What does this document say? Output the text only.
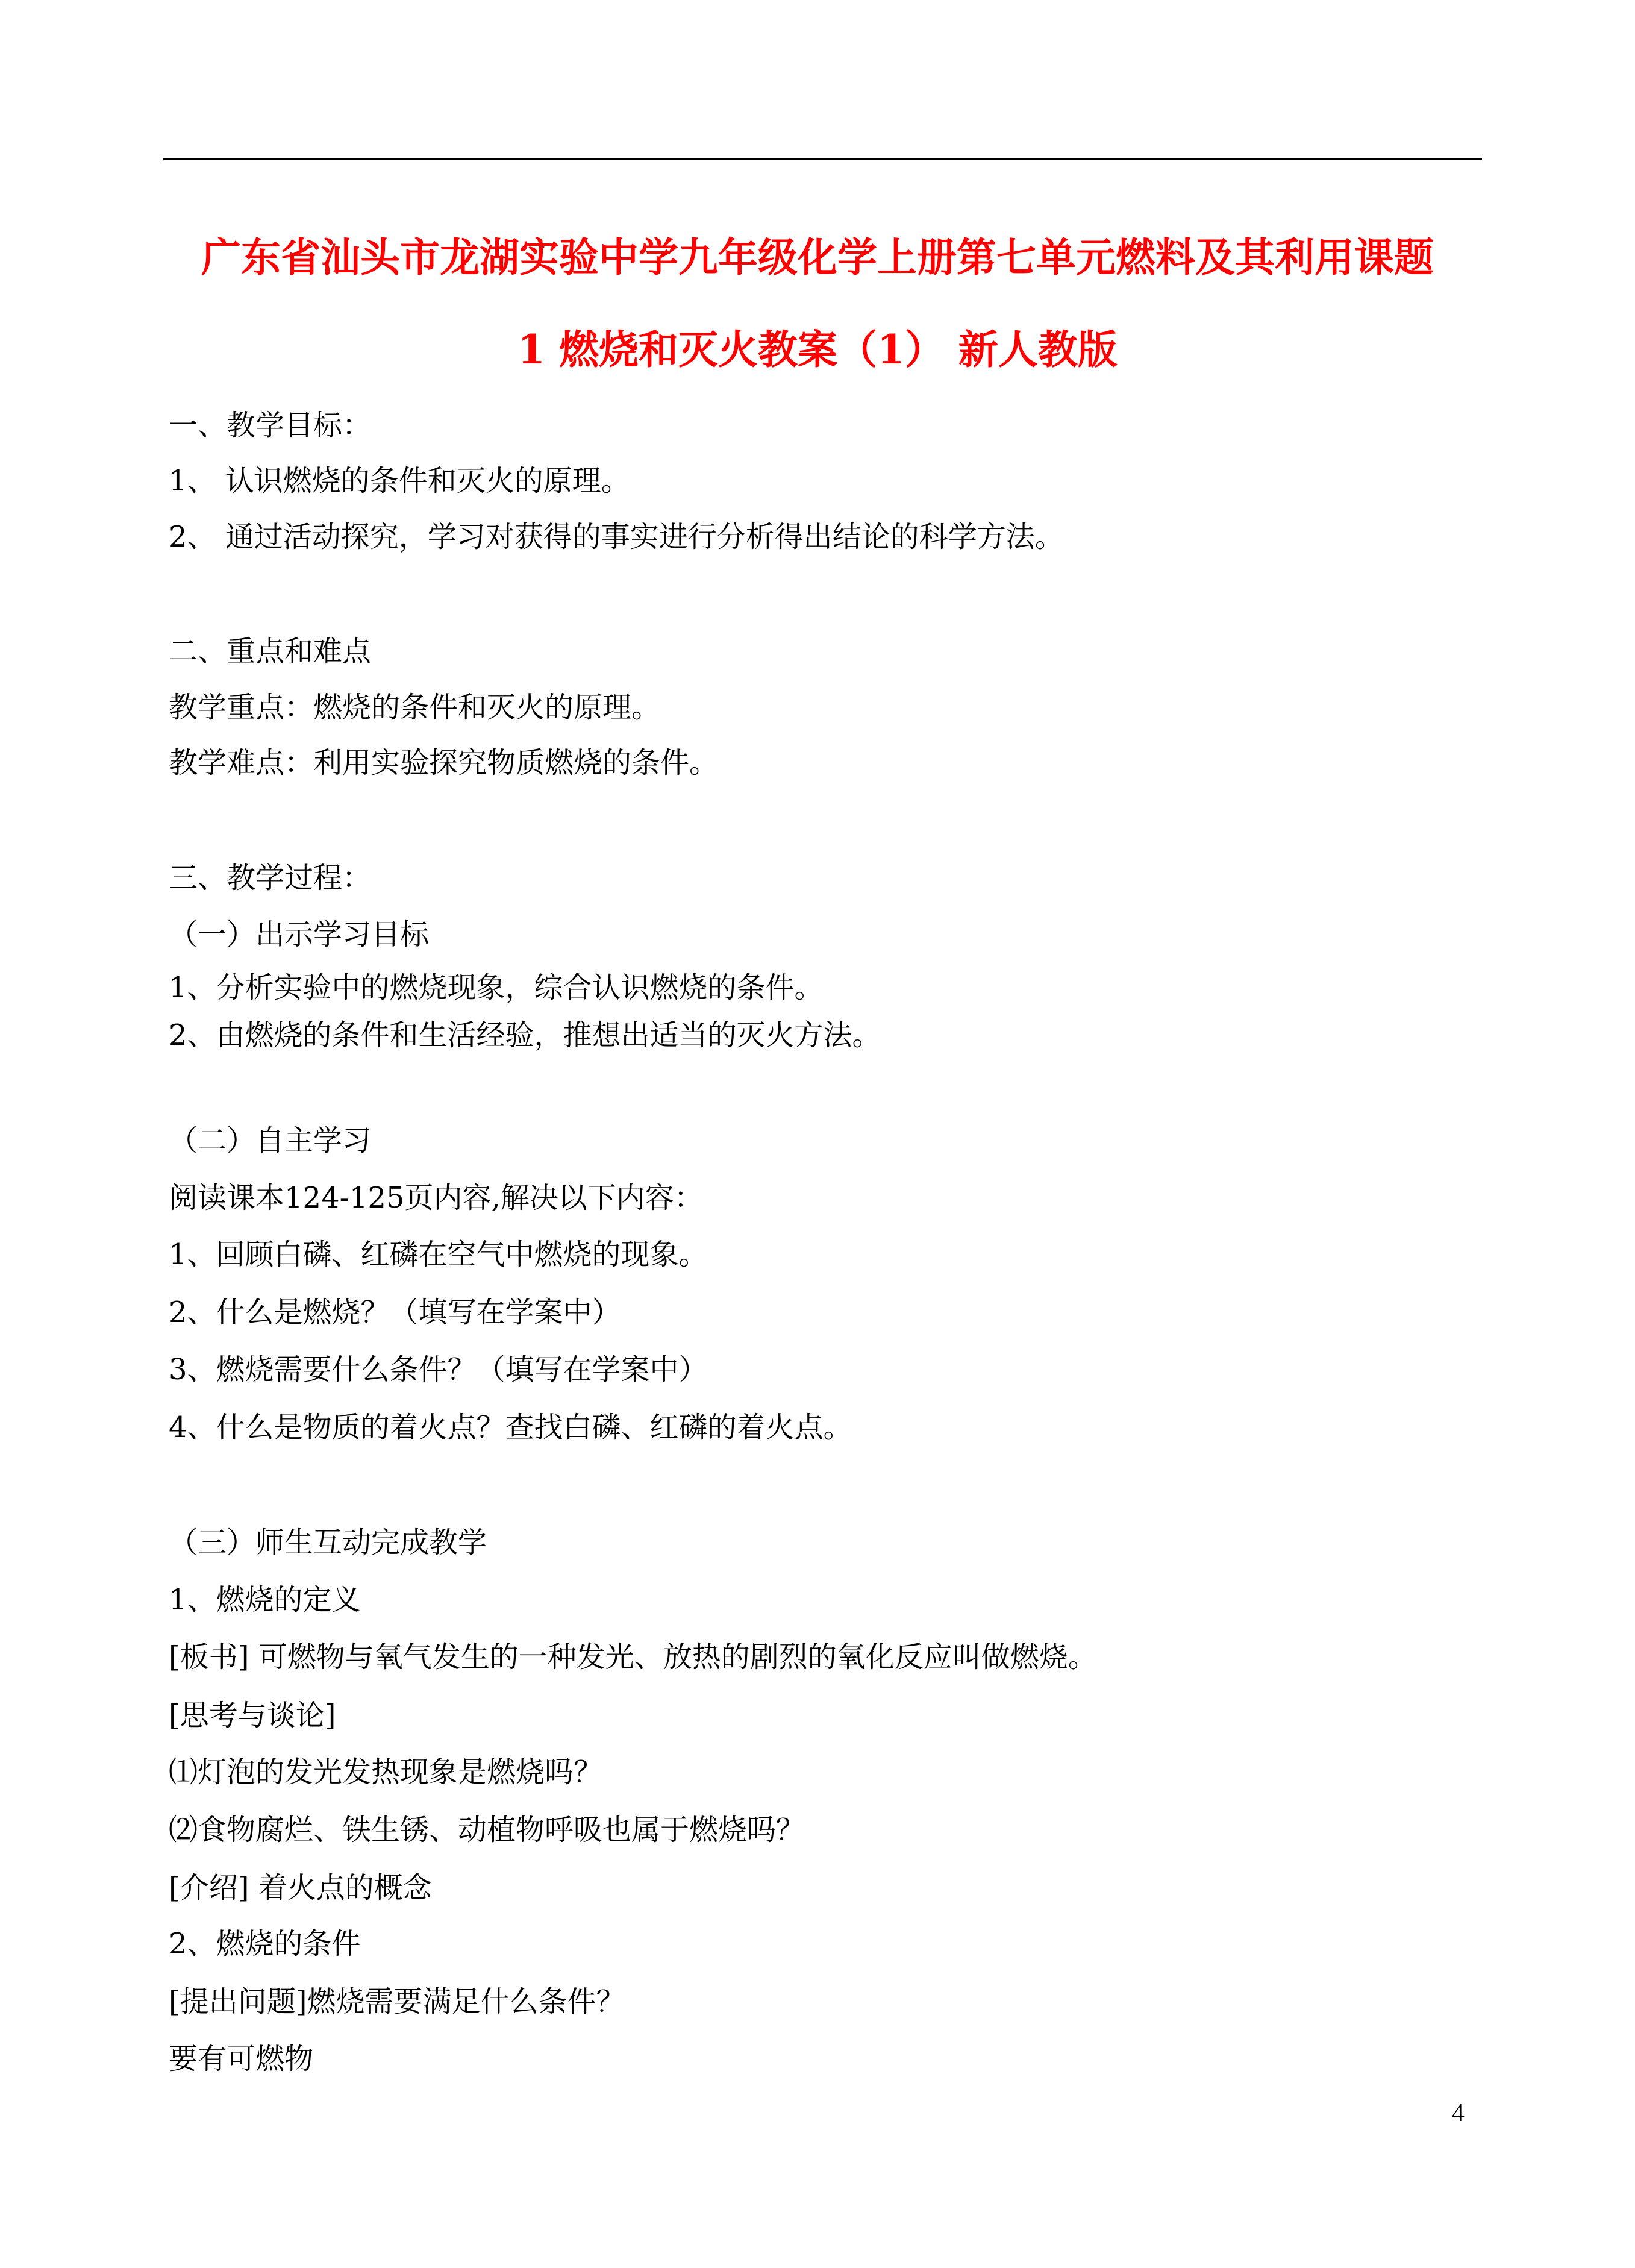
广东省汕头市龙湖实验中学九年级化学上册第七单元燃料及其利用课题
1 燃烧和灭火教案（1） 新人教版
一、教学目标：
1、 认识燃烧的条件和灭火的原理。
2、 通过活动探究，学习对获得的事实进行分析得出结论的科学方法。
二、重点和难点
教学重点：燃烧的条件和灭火的原理。
教学难点：利用实验探究物质燃烧的条件。
三、教学过程：
（一）出示学习目标
1、分析实验中的燃烧现象，综合认识燃烧的条件。
2、由燃烧的条件和生活经验，推想出适当的灭火方法。
（二）自主学习
阅读课本124-125页内容,解决以下内容：
1、回顾白磷、红磷在空气中燃烧的现象。
2、什么是燃烧？（填写在学案中）
3、燃烧需要什么条件？（填写在学案中）
4、什么是物质的着火点？查找白磷、红磷的着火点。
（三）师生互动完成教学
1、燃烧的定义
[板书] 可燃物与氧气发生的一种发光、放热的剧烈的氧化反应叫做燃烧。
[思考与谈论]
⑴灯泡的发光发热现象是燃烧吗？
⑵食物腐烂、铁生锈、动植物呼吸也属于燃烧吗？
[介绍] 着火点的概念
2、燃烧的条件
[提出问题]燃烧需要满足什么条件？
要有可燃物
4
